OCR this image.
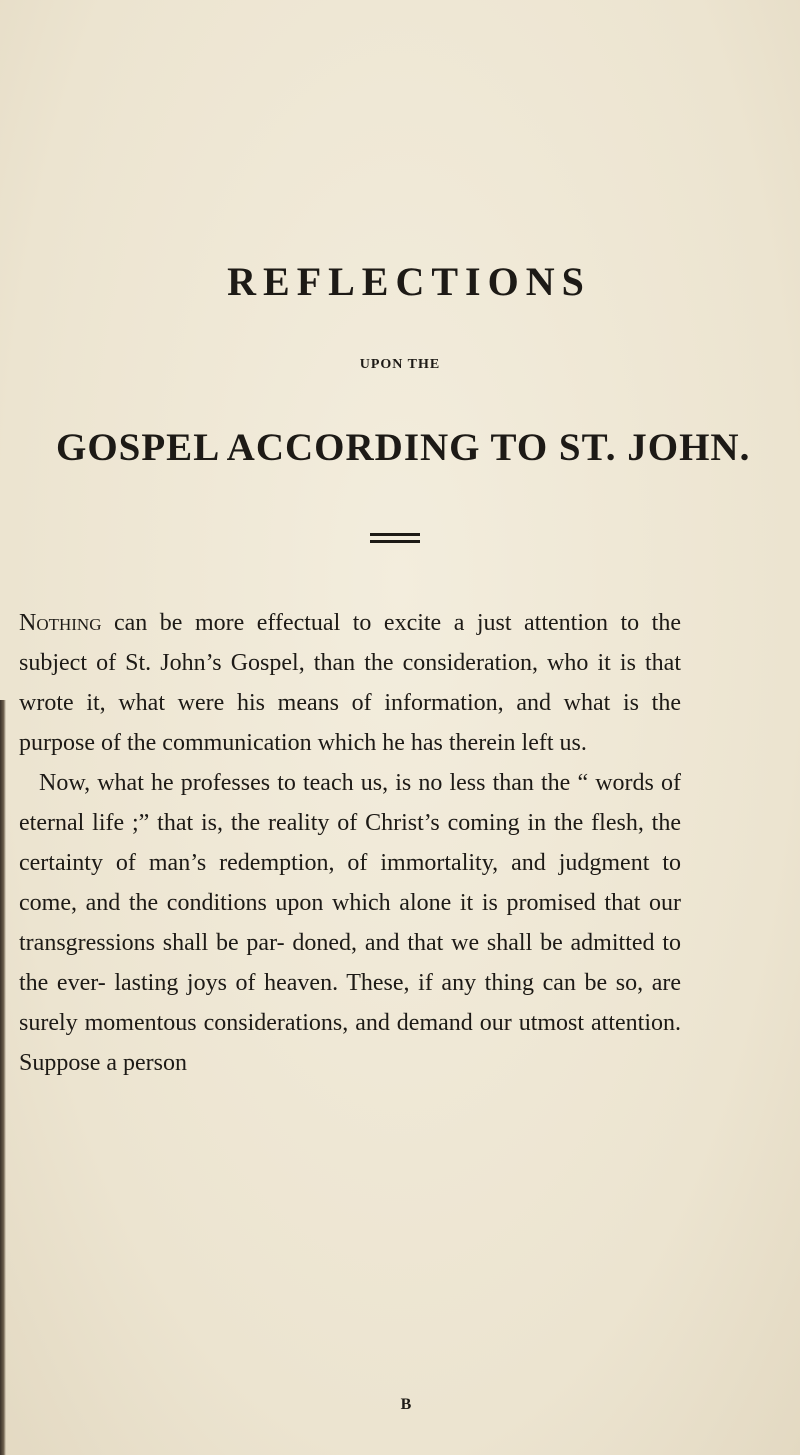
REFLECTIONS
UPON THE
GOSPEL ACCORDING TO ST. JOHN.

Nothing can be more effectual to excite a just attention to the subject of St. John’s Gospel, than the consideration, who it is that wrote it, what were his means of information, and what is the purpose of the communication which he has therein left us.

Now, what he professes to teach us, is no less than the “ words of eternal life ;” that is, the reality of Christ’s coming in the flesh, the certainty of man’s redemption, of immortality, and judgment to come, and the conditions upon which alone it is promised that our transgressions shall be par- doned, and that we shall be admitted to the ever- lasting joys of heaven. These, if any thing can be so, are surely momentous considerations, and demand our utmost attention. Suppose a person

B
